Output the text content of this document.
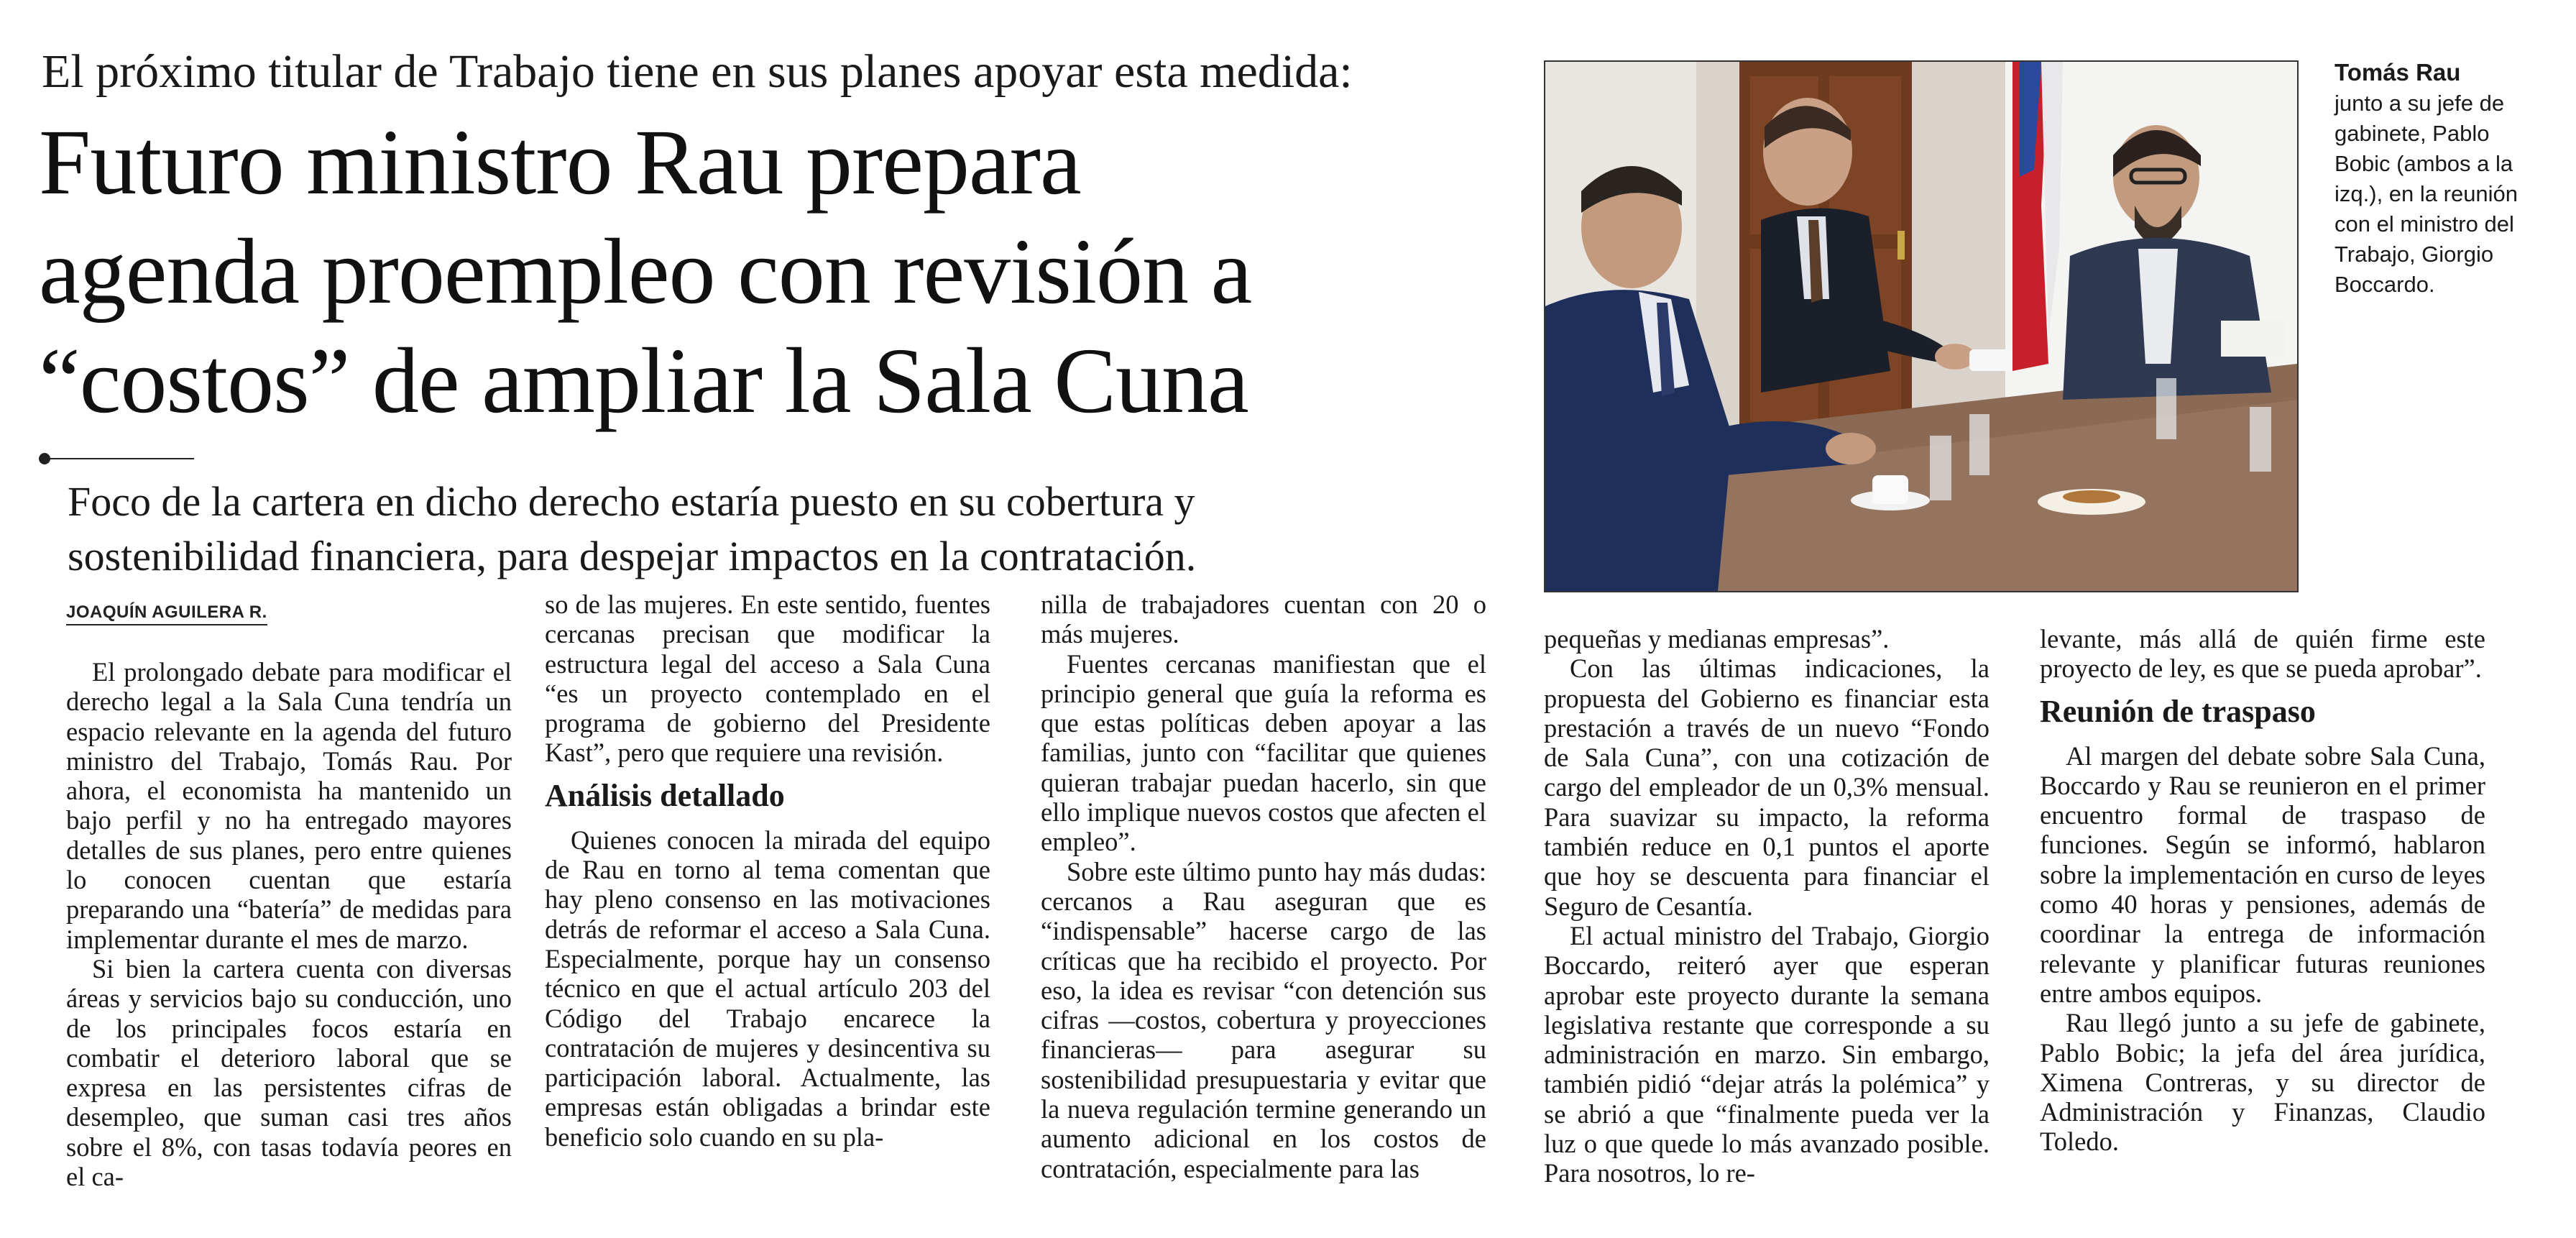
El próximo titular de Trabajo tiene en sus planes apoyar esta medida:
Futuro ministro Rau prepara
agenda proempleo con revisión a
“costos” de ampliar la Sala Cuna
Foco de la cartera en dicho derecho estaría puesto en su cobertura y
sostenibilidad financiera, para despejar impactos en la contratación.
Tomás Rau
junto a su jefe de gabinete, Pablo Bobic (ambos a la izq.), en la reunión con el ministro del Trabajo, Giorgio Boccardo.
JOAQUÍN AGUILERA R.

El prolongado debate para modificar el derecho legal a la Sala Cuna tendría un espacio relevante en la agenda del futuro ministro del Trabajo, Tomás Rau. Por ahora, el economista ha mantenido un bajo perfil y no ha entregado mayores detalles de sus planes, pero entre quienes lo conocen cuentan que estaría preparando una “batería” de medidas para implementar durante el mes de marzo.

Si bien la cartera cuenta con diversas áreas y servicios bajo su conducción, uno de los principales focos estaría en combatir el deterioro laboral que se expresa en las persistentes cifras de desempleo, que suman casi tres años sobre el 8%, con tasas todavía peores en el ca-

so de las mujeres. En este sentido, fuentes cercanas precisan que modificar la estructura legal del acceso a Sala Cuna “es un proyecto contemplado en el programa de gobierno del Presidente Kast”, pero que requiere una revisión.

Análisis detallado

Quienes conocen la mirada del equipo de Rau en torno al tema comentan que hay pleno consenso en las motivaciones detrás de reformar el acceso a Sala Cuna. Especialmente, porque hay un consenso técnico en que el actual artículo 203 del Código del Trabajo encarece la contratación de mujeres y desincentiva su participación laboral. Actualmente, las empresas están obligadas a brindar este beneficio solo cuando en su pla-

nilla de trabajadores cuentan con 20 o más mujeres.

Fuentes cercanas manifiestan que el principio general que guía la reforma es que estas políticas deben apoyar a las familias, junto con “facilitar que quienes quieran trabajar puedan hacerlo, sin que ello implique nuevos costos que afecten el empleo”.

Sobre este último punto hay más dudas: cercanos a Rau aseguran que es “indispensable” hacerse cargo de las críticas que ha recibido el proyecto. Por eso, la idea es revisar “con detención sus cifras —costos, cobertura y proyecciones financieras— para asegurar su sostenibilidad presupuestaria y evitar que la nueva regulación termine generando un aumento adicional en los costos de contratación, especialmente para las

pequeñas y medianas empresas”.

Con las últimas indicaciones, la propuesta del Gobierno es financiar esta prestación a través de un nuevo “Fondo de Sala Cuna”, con una cotización de cargo del empleador de un 0,3% mensual. Para suavizar su impacto, la reforma también reduce en 0,1 puntos el aporte que hoy se descuenta para financiar el Seguro de Cesantía.

El actual ministro del Trabajo, Giorgio Boccardo, reiteró ayer que esperan aprobar este proyecto durante la semana legislativa restante que corresponde a su administración en marzo. Sin embargo, también pidió “dejar atrás la polémica” y se abrió a que “finalmente pueda ver la luz o que quede lo más avanzado posible. Para nosotros, lo re-

levante, más allá de quién firme este proyecto de ley, es que se pueda aprobar”.

Reunión de traspaso

Al margen del debate sobre Sala Cuna, Boccardo y Rau se reunieron en el primer encuentro formal de traspaso de funciones. Según se informó, hablaron sobre la implementación en curso de leyes como 40 horas y pensiones, además de coordinar la entrega de información relevante y planificar futuras reuniones entre ambos equipos.

Rau llegó junto a su jefe de gabinete, Pablo Bobic; la jefa del área jurídica, Ximena Contreras, y su director de Administración y Finanzas, Claudio Toledo.
